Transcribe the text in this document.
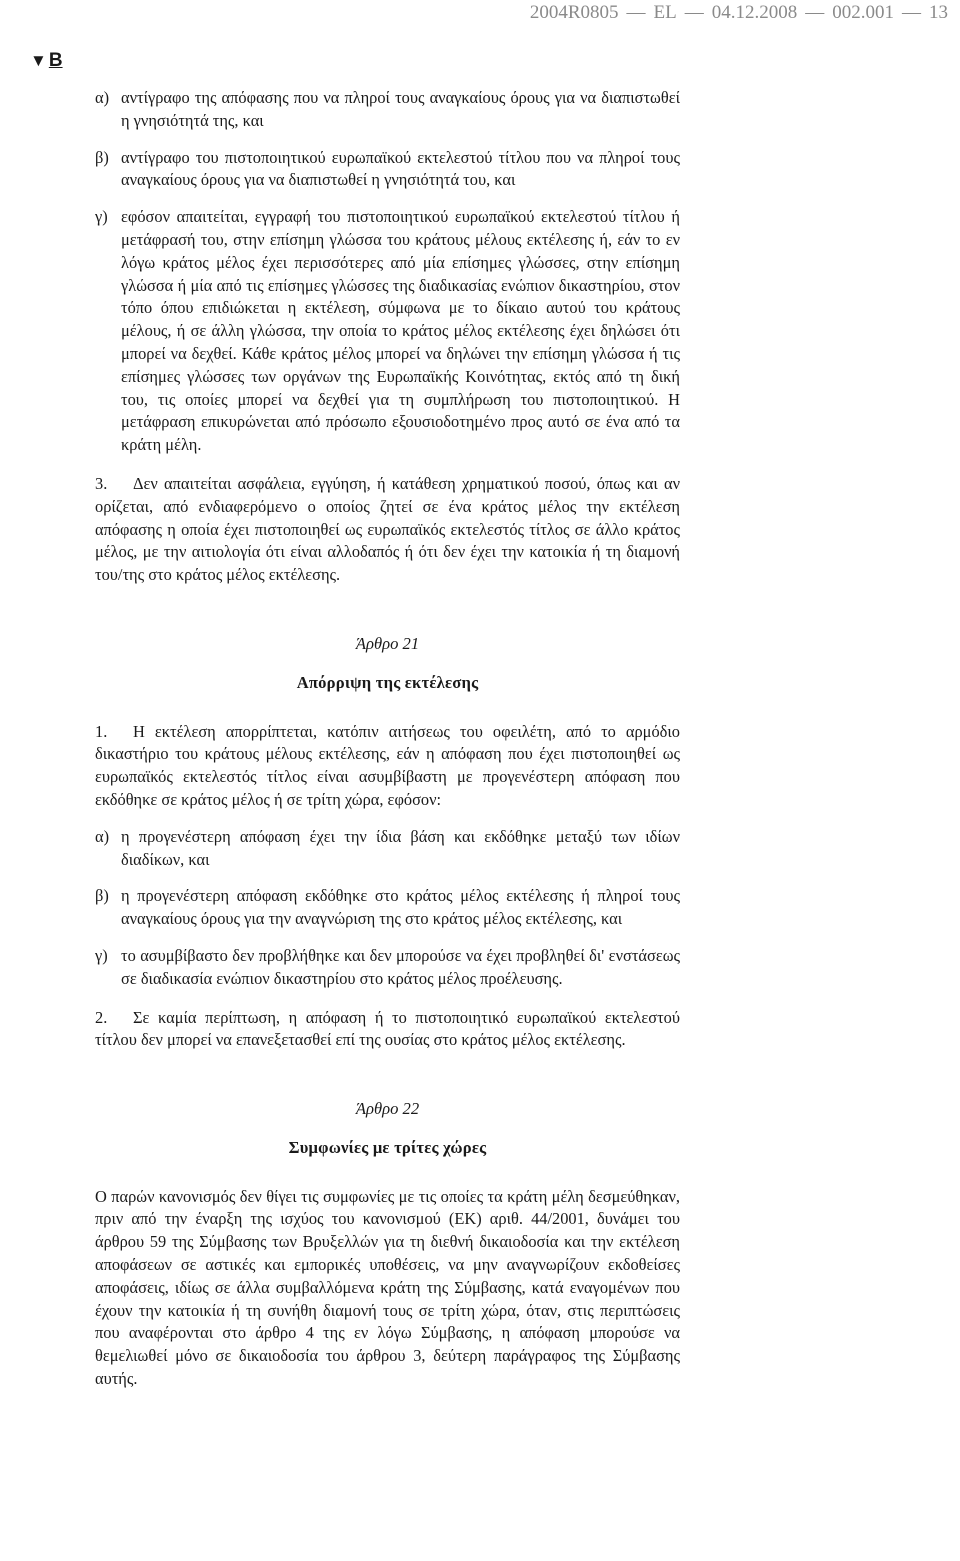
2004R0805 — EL — 04.12.2008 — 002.001 — 13
▼ B
α) αντίγραφο της απόφασης που να πληροί τους αναγκαίους όρους για να διαπιστωθεί η γνησιότητά της, και
β) αντίγραφο του πιστοποιητικού ευρωπαϊκού εκτελεστού τίτλου που να πληροί τους αναγκαίους όρους για να διαπιστωθεί η γνησιότητά του, και
γ) εφόσον απαιτείται, εγγραφή του πιστοποιητικού ευρωπαϊκού εκτελεστού τίτλου ή μετάφρασή του, στην επίσημη γλώσσα του κράτους μέλους εκτέλεσης ή, εάν το εν λόγω κράτος μέλος έχει περισσότερες από μία επίσημες γλώσσες, στην επίσημη γλώσσα ή μία από τις επίσημες γλώσσες της διαδικασίας ενώπιον δικαστηρίου, στον τόπο όπου επιδιώκεται η εκτέλεση, σύμφωνα με το δίκαιο αυτού του κράτους μέλους, ή σε άλλη γλώσσα, την οποία το κράτος μέλος εκτέλεσης έχει δηλώσει ότι μπορεί να δεχθεί. Κάθε κράτος μέλος μπορεί να δηλώνει την επίσημη γλώσσα ή τις επίσημες γλώσσες των οργάνων της Ευρωπαϊκής Κοινότητας, εκτός από τη δική του, τις οποίες μπορεί να δεχθεί για τη συμπλήρωση του πιστοποιητικού. Η μετάφραση επικυρώνεται από πρόσωπο εξουσιοδοτημένο προς αυτό σε ένα από τα κράτη μέλη.
3. Δεν απαιτείται ασφάλεια, εγγύηση, ή κατάθεση χρηματικού ποσού, όπως και αν ορίζεται, από ενδιαφερόμενο ο οποίος ζητεί σε ένα κράτος μέλος την εκτέλεση απόφασης η οποία έχει πιστοποιηθεί ως ευρωπαϊκός εκτελεστός τίτλος σε άλλο κράτος μέλος, με την αιτιολογία ότι είναι αλλοδαπός ή ότι δεν έχει την κατοικία ή τη διαμονή του/της στο κράτος μέλος εκτέλεσης.
Άρθρο 21
Απόρριψη της εκτέλεσης
1. Η εκτέλεση απορρίπτεται, κατόπιν αιτήσεως του οφειλέτη, από το αρμόδιο δικαστήριο του κράτους μέλους εκτέλεσης, εάν η απόφαση που έχει πιστοποιηθεί ως ευρωπαϊκός εκτελεστός τίτλος είναι ασυμβίβαστη με προγενέστερη απόφαση που εκδόθηκε σε κράτος μέλος ή σε τρίτη χώρα, εφόσον:
α) η προγενέστερη απόφαση έχει την ίδια βάση και εκδόθηκε μεταξύ των ιδίων διαδίκων, και
β) η προγενέστερη απόφαση εκδόθηκε στο κράτος μέλος εκτέλεσης ή πληροί τους αναγκαίους όρους για την αναγνώριση της στο κράτος μέλος εκτέλεσης, και
γ) το ασυμβίβαστο δεν προβλήθηκε και δεν μπορούσε να έχει προβληθεί δι' ενστάσεως σε διαδικασία ενώπιον δικαστηρίου στο κράτος μέλος προέλευσης.
2. Σε καμία περίπτωση, η απόφαση ή το πιστοποιητικό ευρωπαϊκού εκτελεστού τίτλου δεν μπορεί να επανεξετασθεί επί της ουσίας στο κράτος μέλος εκτέλεσης.
Άρθρο 22
Συμφωνίες με τρίτες χώρες
Ο παρών κανονισμός δεν θίγει τις συμφωνίες με τις οποίες τα κράτη μέλη δεσμεύθηκαν, πριν από την έναρξη της ισχύος του κανονισμού (ΕΚ) αριθ. 44/2001, δυνάμει του άρθρου 59 της Σύμβασης των Βρυξελλών για τη διεθνή δικαιοδοσία και την εκτέλεση αποφάσεων σε αστικές και εμπορικές υποθέσεις, να μην αναγνωρίζουν εκδοθείσες αποφάσεις, ιδίως σε άλλα συμβαλλόμενα κράτη της Σύμβασης, κατά εναγομένων που έχουν την κατοικία ή τη συνήθη διαμονή τους σε τρίτη χώρα, όταν, στις περιπτώσεις που αναφέρονται στο άρθρο 4 της εν λόγω Σύμβασης, η απόφαση μπορούσε να θεμελιωθεί μόνο σε δικαιοδοσία του άρθρου 3, δεύτερη παράγραφος της Σύμβασης αυτής.
